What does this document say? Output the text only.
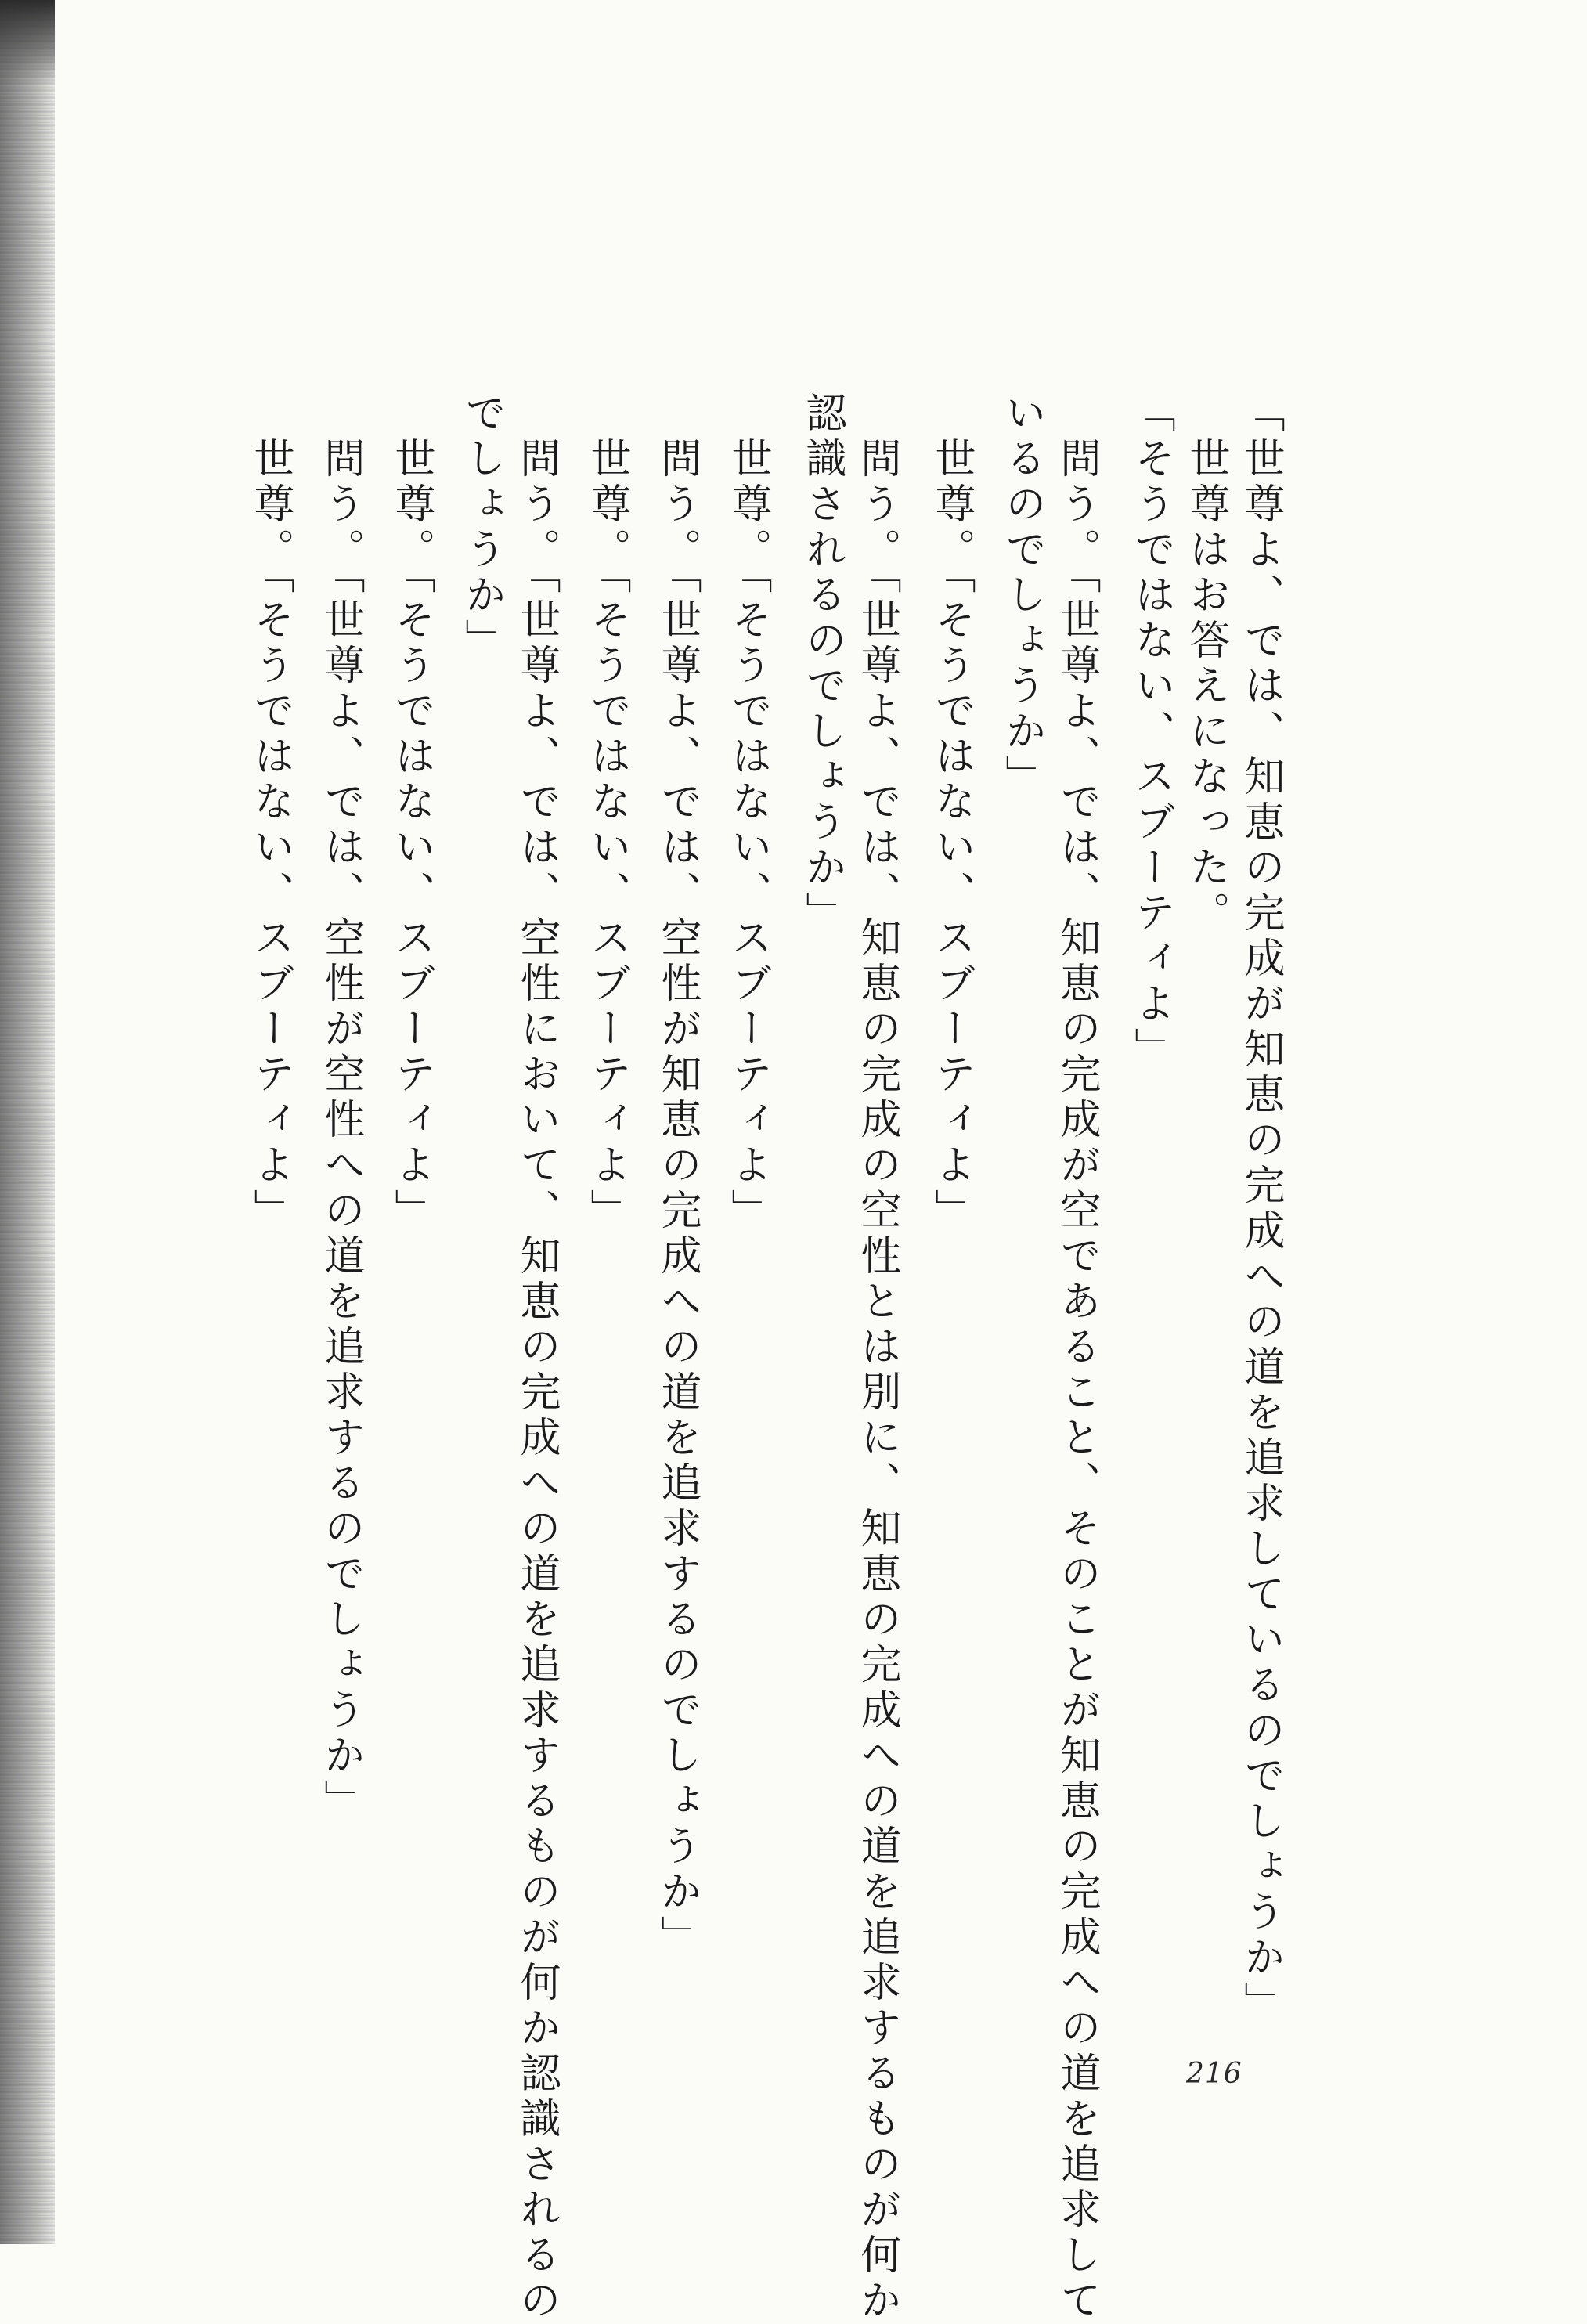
「世尊よ、では、知恵の完成が知恵の完成への道を追求しているのでしょうか」
　世尊はお答えになった。
「そうではない、スブーティよ」
　問う。「世尊よ、では、知恵の完成が空であること、そのことが知恵の完成への道を追求して
いるのでしょうか」
　世尊。「そうではない、スブーティよ」
　問う。「世尊よ、では、知恵の完成の空性とは別に、知恵の完成への道を追求するものが何か
認識されるのでしょうか」
　世尊。「そうではない、スブーティよ」
　問う。「世尊よ、では、空性が知恵の完成への道を追求するのでしょうか」
　世尊。「そうではない、スブーティよ」
　問う。「世尊よ、では、空性において、知恵の完成への道を追求するものが何か認識されるの
でしょうか」
　世尊。「そうではない、スブーティよ」
　問う。「世尊よ、では、空性が空性への道を追求するのでしょうか」
　世尊。「そうではない、スブーティよ」
216
